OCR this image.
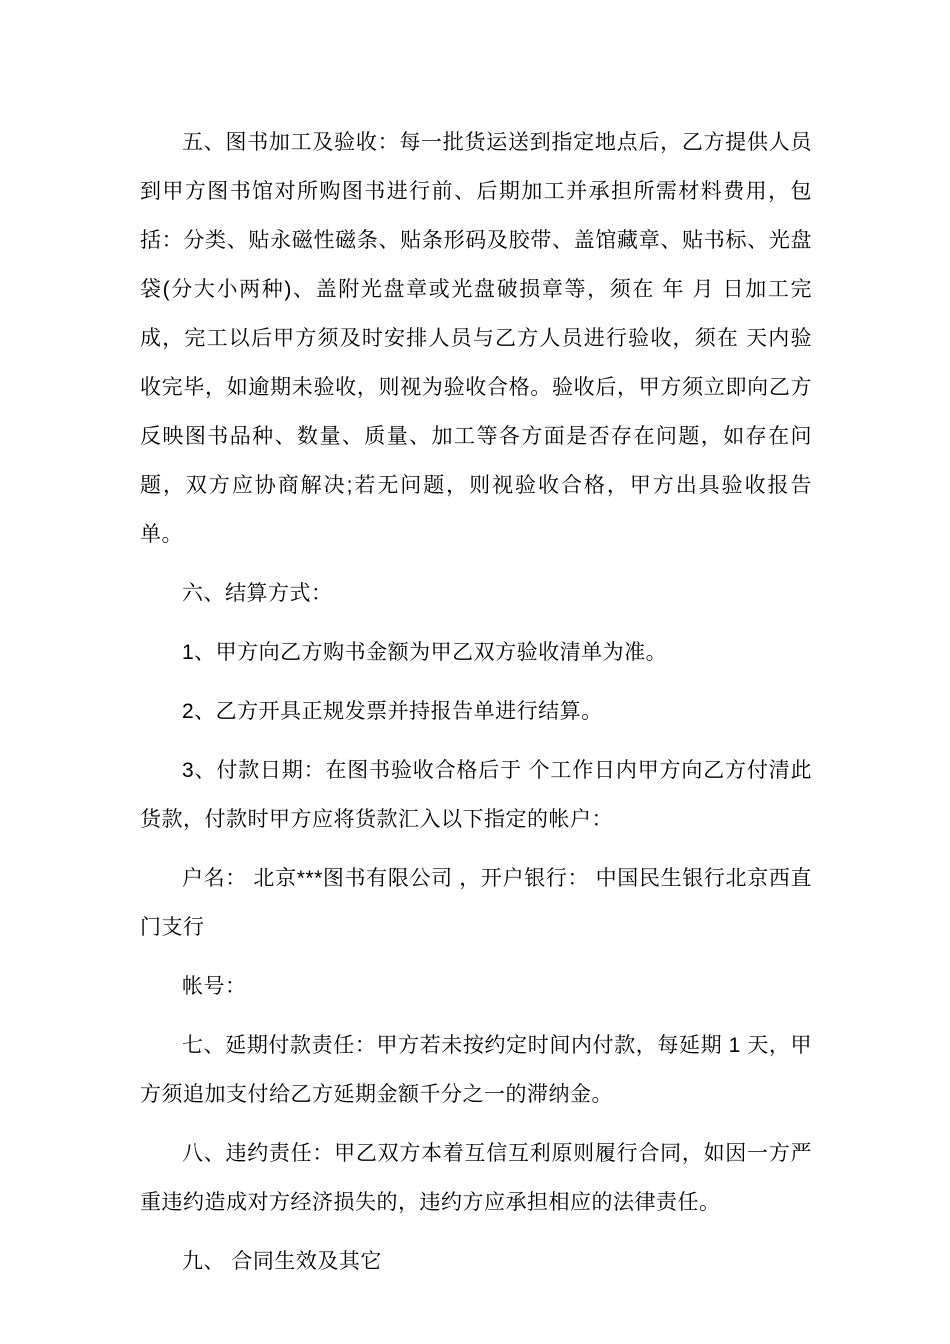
五、图书加工及验收：每一批货运送到指定地点后，乙方提供人员到甲方图书馆对所购图书进行前、后期加工并承担所需材料费用，包括：分类、贴永磁性磁条、贴条形码及胶带、盖馆藏章、贴书标、光盘袋(分大小两种)、盖附光盘章或光盘破损章等，须在 年 月 日加工完成，完工以后甲方须及时安排人员与乙方人员进行验收，须在 天内验收完毕，如逾期未验收，则视为验收合格。验收后，甲方须立即向乙方反映图书品种、数量、质量、加工等各方面是否存在问题，如存在问题，双方应协商解决;若无问题，则视验收合格，甲方出具验收报告单。

六、结算方式：

1、甲方向乙方购书金额为甲乙双方验收清单为准。

2、乙方开具正规发票并持报告单进行结算。

3、付款日期：在图书验收合格后于 个工作日内甲方向乙方付清此货款，付款时甲方应将货款汇入以下指定的帐户：

户名： 北京***图书有限公司 ，开户银行： 中国民生银行北京西直门支行

帐号：

七、延期付款责任：甲方若未按约定时间内付款，每延期 1 天，甲方须追加支付给乙方延期金额千分之一的滞纳金。

八、违约责任：甲乙双方本着互信互利原则履行合同，如因一方严重违约造成对方经济损失的，违约方应承担相应的法律责任。

九、 合同生效及其它
